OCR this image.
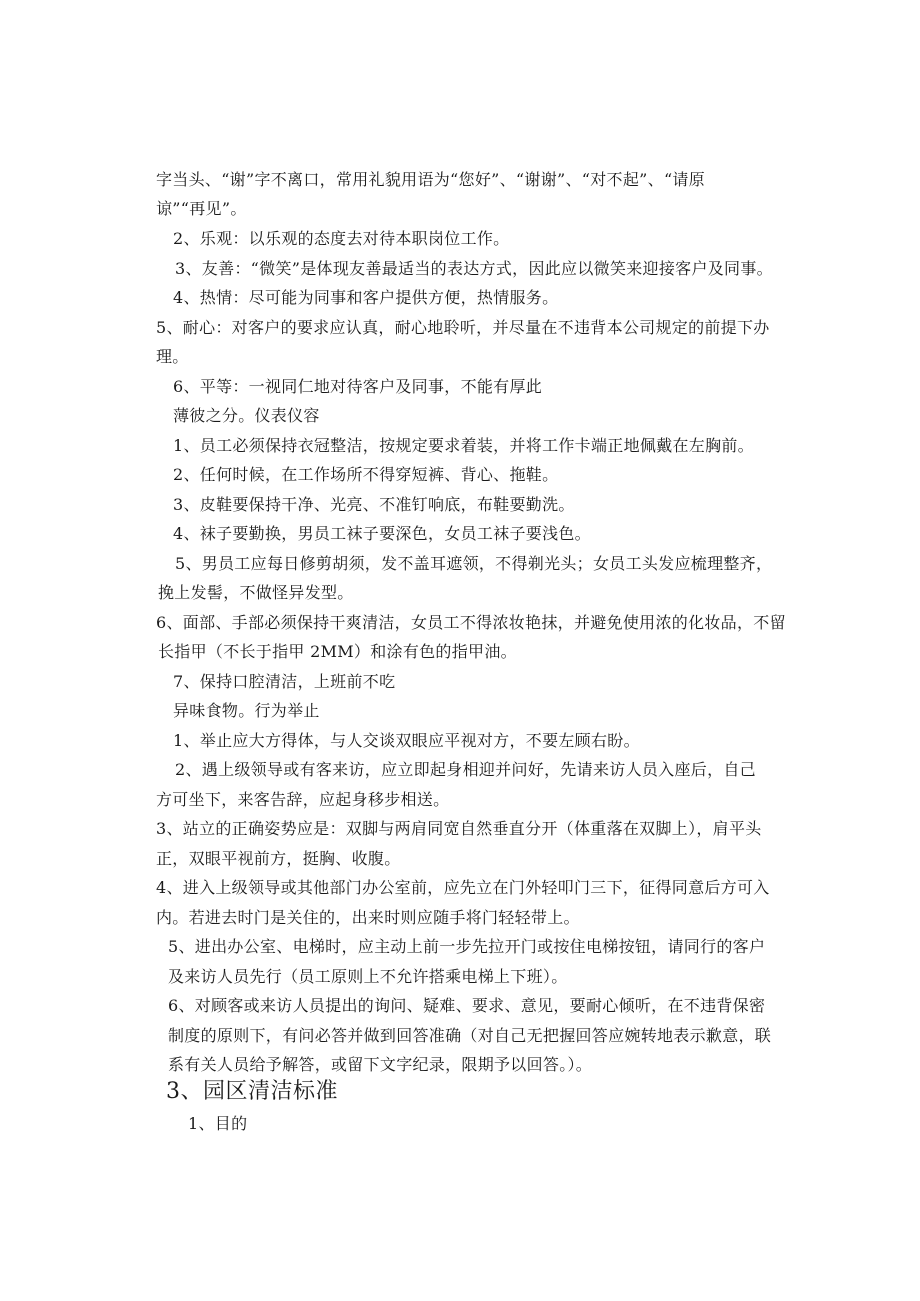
字当头、“谢”字不离口，常用礼貌用语为“您好”、“谢谢”、“对不起”、“请原
谅”“再见”。
2、乐观：以乐观的态度去对待本职岗位工作。
3、友善：“微笑”是体现友善最适当的表达方式，因此应以微笑来迎接客户及同事。
4、热情：尽可能为同事和客户提供方便，热情服务。
5、耐心：对客户的要求应认真，耐心地聆听，并尽量在不违背本公司规定的前提下办
理。
6、平等：一视同仁地对待客户及同事，不能有厚此
薄彼之分。仪表仪容
1、员工必须保持衣冠整洁，按规定要求着装，并将工作卡端正地佩戴在左胸前。
2、任何时候，在工作场所不得穿短裤、背心、拖鞋。
3、皮鞋要保持干净、光亮、不准钉响底，布鞋要勤洗。
4、袜子要勤换，男员工袜子要深色，女员工袜子要浅色。
5、男员工应每日修剪胡须，发不盖耳遮领，不得剃光头；女员工头发应梳理整齐，
挽上发髻，不做怪异发型。
6、面部、手部必须保持干爽清洁，女员工不得浓妆艳抹，并避免使用浓的化妆品，不留
长指甲（不长于指甲 2MM）和涂有色的指甲油。
7、保持口腔清洁，上班前不吃
异味食物。行为举止
1、举止应大方得体，与人交谈双眼应平视对方，不要左顾右盼。
2、遇上级领导或有客来访，应立即起身相迎并问好，先请来访人员入座后，自己
方可坐下，来客告辞，应起身移步相送。
3、站立的正确姿势应是：双脚与两肩同宽自然垂直分开（体重落在双脚上），肩平头
正，双眼平视前方，挺胸、收腹。
4、进入上级领导或其他部门办公室前，应先立在门外轻叩门三下，征得同意后方可入
内。若进去时门是关住的，出来时则应随手将门轻轻带上。
5、进出办公室、电梯时，应主动上前一步先拉开门或按住电梯按钮，请同行的客户
及来访人员先行（员工原则上不允许搭乘电梯上下班）。
6、对顾客或来访人员提出的询问、疑难、要求、意见，要耐心倾听，在不违背保密
制度的原则下，有问必答并做到回答准确（对自己无把握回答应婉转地表示歉意，联
系有关人员给予解答，或留下文字纪录，限期予以回答。）。
3、园区清洁标准
1、目的
